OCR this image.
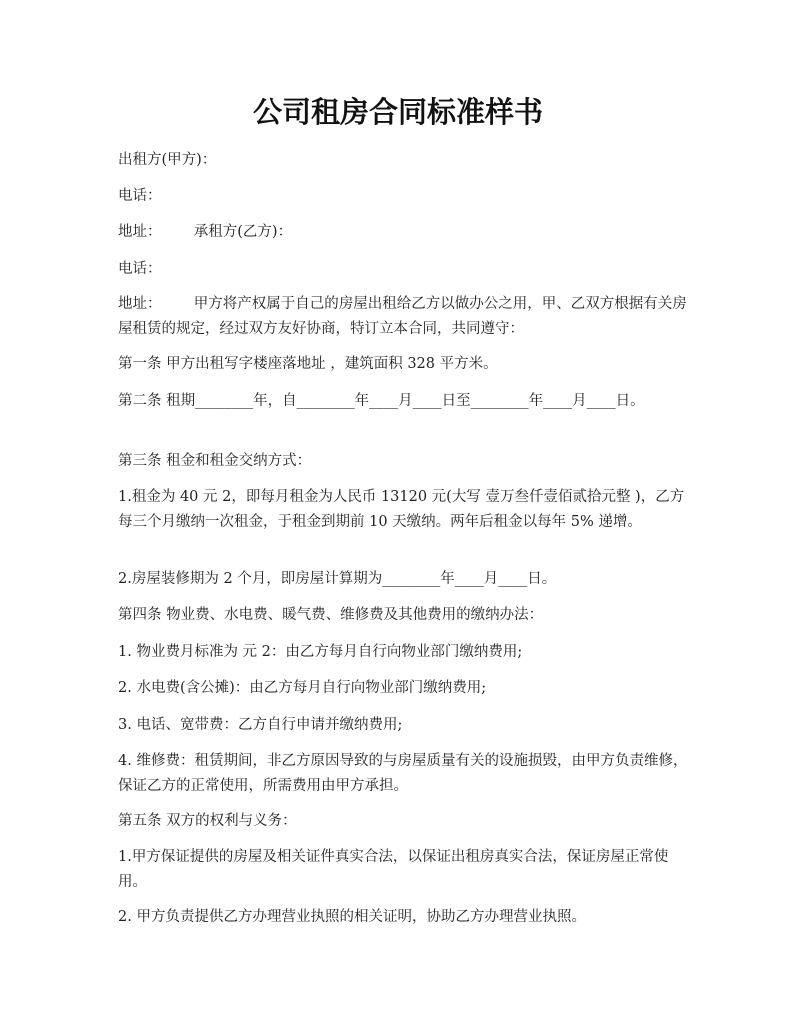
公司租房合同标准样书
出租方(甲方)：
电话：
地址：       承租方(乙方)：
电话：
地址：       甲方将产权属于自己的房屋出租给乙方以做办公之用，甲、乙双方根据有关房屋租赁的规定，经过双方友好协商，特订立本合同，共同遵守：
第一条 甲方出租写字楼座落地址 ，建筑面积 328 平方米。
第二条 租期________年，自________年____月____日至________年____月____日。
第三条 租金和租金交纳方式：
1.租金为 40 元 2，即每月租金为人民币 13120 元(大写 壹万叁仟壹佰贰拾元整 )，乙方每三个月缴纳一次租金，于租金到期前 10 天缴纳。两年后租金以每年 5% 递增。
2.房屋装修期为 2 个月，即房屋计算期为________年____月____日。
第四条 物业费、水电费、暖气费、维修费及其他费用的缴纳办法：
1. 物业费月标准为 元 2：由乙方每月自行向物业部门缴纳费用;
2. 水电费(含公摊)：由乙方每月自行向物业部门缴纳费用;
3. 电话、宽带费：乙方自行申请并缴纳费用;
4. 维修费：租赁期间，非乙方原因导致的与房屋质量有关的设施损毁，由甲方负责维修，保证乙方的正常使用，所需费用由甲方承担。
第五条 双方的权利与义务：
1.甲方保证提供的房屋及相关证件真实合法，以保证出租房真实合法，保证房屋正常使用。
2. 甲方负责提供乙方办理营业执照的相关证明，协助乙方办理营业执照。
